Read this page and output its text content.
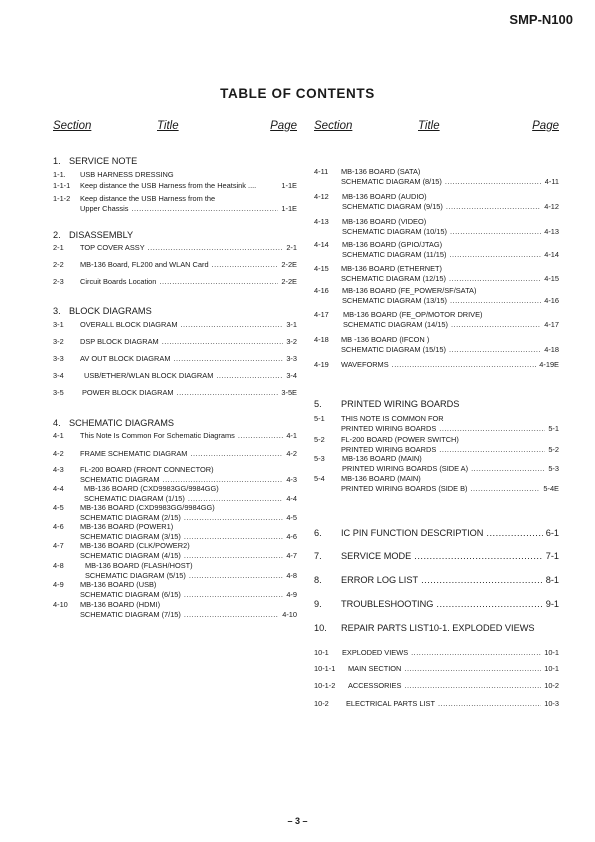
SMP-N100
TABLE OF CONTENTS
Section	Title	Page
1. SERVICE NOTE
1-1. USB HARNESS DRESSING
1-1-1 Keep distance the USB Harness from the Heatsink ....	1-1E
1-1-2 Keep distance the USB Harness from the
Upper Chassis .....	1-1E
2. DISASSEMBLY
2-1 TOP COVER ASSY .....	2-1
2-2 MB-136 Board, FL200 and WLAN Card .....	2-2E
2-3 Circuit Boards Location .....	2-2E
3. BLOCK DIAGRAMS
3-1 OVERALL BLOCK DIAGRAM .....	3-1
3-2 DSP BLOCK DIAGRAM .....	3-2
3-3 AV OUT BLOCK DIAGRAM .....	3-3
3-4	USB/ETHER/WLAN BLOCK DIAGRAM .....	3-4
3-5 POWER BLOCK DIAGRAM .....	3-5E
4. SCHEMATIC DIAGRAMS
4-1 This Note Is Common For Schematic Diagrams .....	4-1
4-2 FRAME SCHEMATIC DIAGRAM .....	4-2
4-3 FL-200 BOARD (FRONT CONNECTOR)
SCHEMATIC DIAGRAM .....	4-3
4-4	MB-136 BOARD (CXD9983GG/9984GG)
SCHEMATIC DIAGRAM (1/15) .....	4-4
4-5 MB-136 BOARD (CXD9983GG/9984GG)
SCHEMATIC DIAGRAM (2/15) .....	4-5
4-6 MB-136 BOARD (POWER1)
SCHEMATIC DIAGRAM (3/15) .....	4-6
4-7 MB-136 BOARD (CLK/POWER2)
SCHEMATIC DIAGRAM (4/15) .....	4-7
4-8	MB-136 BOARD (FLASH/HOST)
SCHEMATIC DIAGRAM (5/15) .....	4-8
4-9 MB-136 BOARD (USB)
SCHEMATIC DIAGRAM (6/15) .....	4-9
4-10 MB-136 BOARD (HDMI)
SCHEMATIC DIAGRAM (7/15) .....	4-10
Section	Title	Page
4-11 MB-136 BOARD (SATA)
SCHEMATIC DIAGRAM (8/15) .....	4-11
4-12 MB-136 BOARD (AUDIO)
SCHEMATIC DIAGRAM (9/15) .....	4-12
4-13 MB-136 BOARD (VIDEO)
SCHEMATIC DIAGRAM (10/15) .....	4-13
4-14 MB-136 BOARD (GPIO/JTAG)
SCHEMATIC DIAGRAM (11/15) .....	4-14
4-15 MB-136 BOARD (ETHERNET)
SCHEMATIC DIAGRAM (12/15) .....	4-15
4-16 MB-136 BOARD (FE_POWER/SF/SATA)
SCHEMATIC DIAGRAM (13/15) .....	4-16
4-17 MB-136 BOARD (FE_OP/MOTOR DRIVE)
SCHEMATIC DIAGRAM (14/15) .....	4-17
4-18 MB -136 BOARD (IFCON )
SCHEMATIC DIAGRAM (15/15) .....	4-18
4-19 WAVEFORMS .....	4-19E
5. PRINTED WIRING BOARDS
5-1 THIS NOTE IS COMMON FOR
PRINTED WIRING BOARDS .....	5-1
5-2 FL-200 BOARD (POWER SWITCH)
PRINTED WIRING BOARDS .....	5-2
5-3 MB-136 BOARD (MAIN)
PRINTED WIRING BOARDS (SIDE A) .....	5-3
5-4 MB-136 BOARD (MAIN)
PRINTED WIRING BOARDS (SIDE B) .....	5-4E
6. IC PIN FUNCTION DESCRIPTION .....	6-1
7. SERVICE MODE .....	7-1
8. ERROR LOG LIST .....	8-1
9. TROUBLESHOOTING .....	9-1
10. REPAIR PARTS LIST10-1. EXPLODED VIEWS
10-1 EXPLODED VIEWS .....	10-1
10-1-1 MAIN SECTION .....	10-1
10-1-2 ACCESSORIES .....	10-2
10-2 ELECTRICAL PARTS LIST .....	10-3
– 3 –
